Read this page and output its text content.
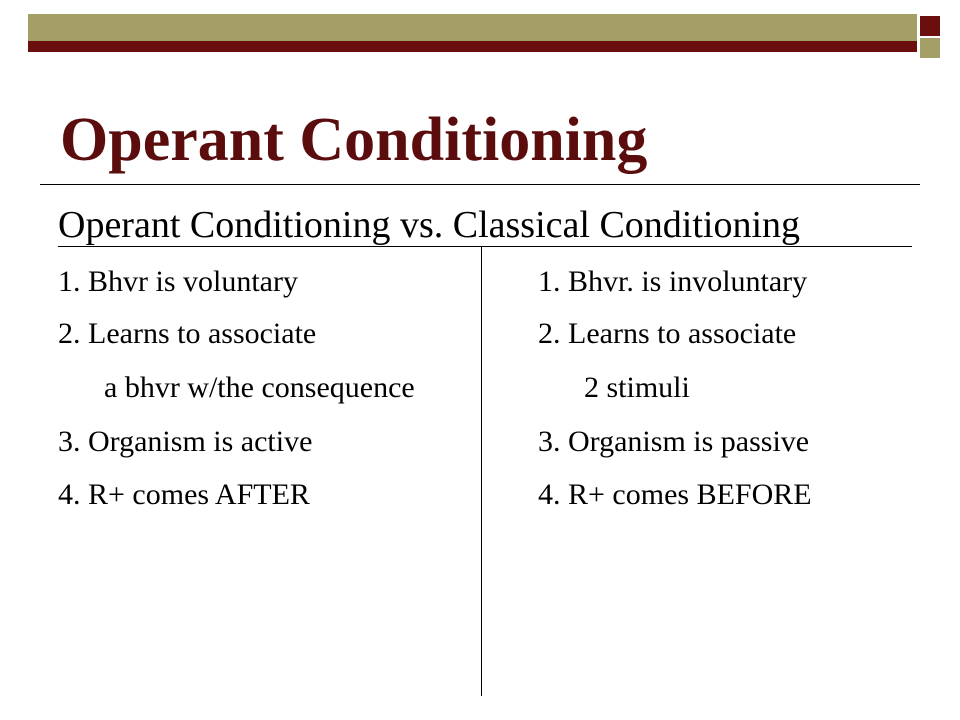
Operant Conditioning
Operant Conditioning vs. Classical Conditioning
1. Bhvr is voluntary
2. Learns to associate
a bhvr w/the consequence
3. Organism is active
4. R+ comes AFTER
1. Bhvr. is involuntary
2. Learns to associate
2 stimuli
3. Organism is passive
4. R+ comes BEFORE
